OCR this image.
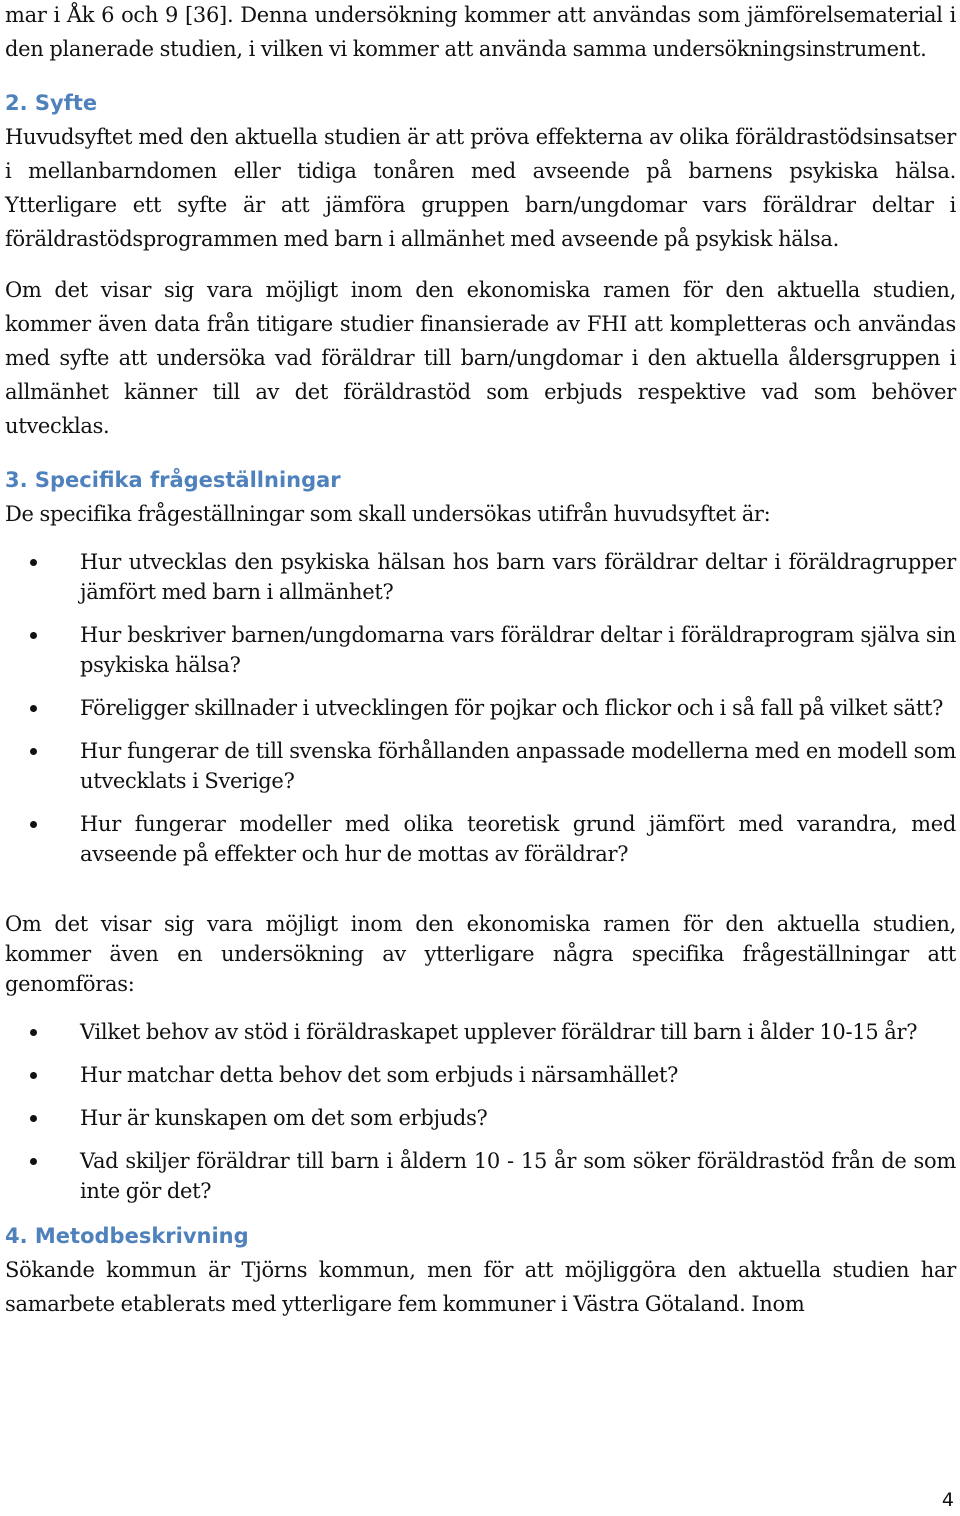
mar i Åk 6 och 9 [36]. Denna undersökning kommer att användas som jämförelsematerial i den planerade studien, i vilken vi kommer att använda samma undersökningsinstrument.

2. Syfte

Huvudsyftet med den aktuella studien är att pröva effekterna av olika föräldrastödsinsatser i mellanbarndomen eller tidiga tonåren med avseende på barnens psykiska hälsa. Ytterligare ett syfte är att jämföra gruppen barn/ungdomar vars föräldrar deltar i föräldrastödsprogrammen med barn i allmänhet med avseende på psykisk hälsa.

Om det visar sig vara möjligt inom den ekonomiska ramen för den aktuella studien, kommer även data från titigare studier finansierade av FHI att kompletteras och användas med syfte att undersöka vad föräldrar till barn/ungdomar i den aktuella åldersgruppen i allmänhet känner till av det föräldrastöd som erbjuds respektive vad som behöver utvecklas.

3. Specifika frågeställningar

De specifika frågeställningar som skall undersökas utifrån huvudsyftet är:

Hur utvecklas den psykiska hälsan hos barn vars föräldrar deltar i föräldragrupper jämfört med barn i allmänhet?
Hur beskriver barnen/ungdomarna vars föräldrar deltar i föräldraprogram själva sin psykiska hälsa?
Föreligger skillnader i utvecklingen för pojkar och flickor och i så fall på vilket sätt?
Hur fungerar de till svenska förhållanden anpassade modellerna med en modell som utvecklats i Sverige?
Hur fungerar modeller med olika teoretisk grund jämfört med varandra, med avseende på effekter och hur de mottas av föräldrar?

Om det visar sig vara möjligt inom den ekonomiska ramen för den aktuella studien, kommer även en undersökning av ytterligare några specifika frågeställningar att genomföras:

Vilket behov av stöd i föräldraskapet upplever föräldrar till barn i ålder 10-15 år?
Hur matchar detta behov det som erbjuds i närsamhället?
Hur är kunskapen om det som erbjuds?
Vad skiljer föräldrar till barn i åldern 10 - 15 år som söker föräldrastöd från de som inte gör det?
4. Metodbeskrivning

Sökande kommun är Tjörns kommun, men för att möjliggöra den aktuella studien har samarbete etablerats med ytterligare fem kommuner i Västra Götaland. Inom

4
